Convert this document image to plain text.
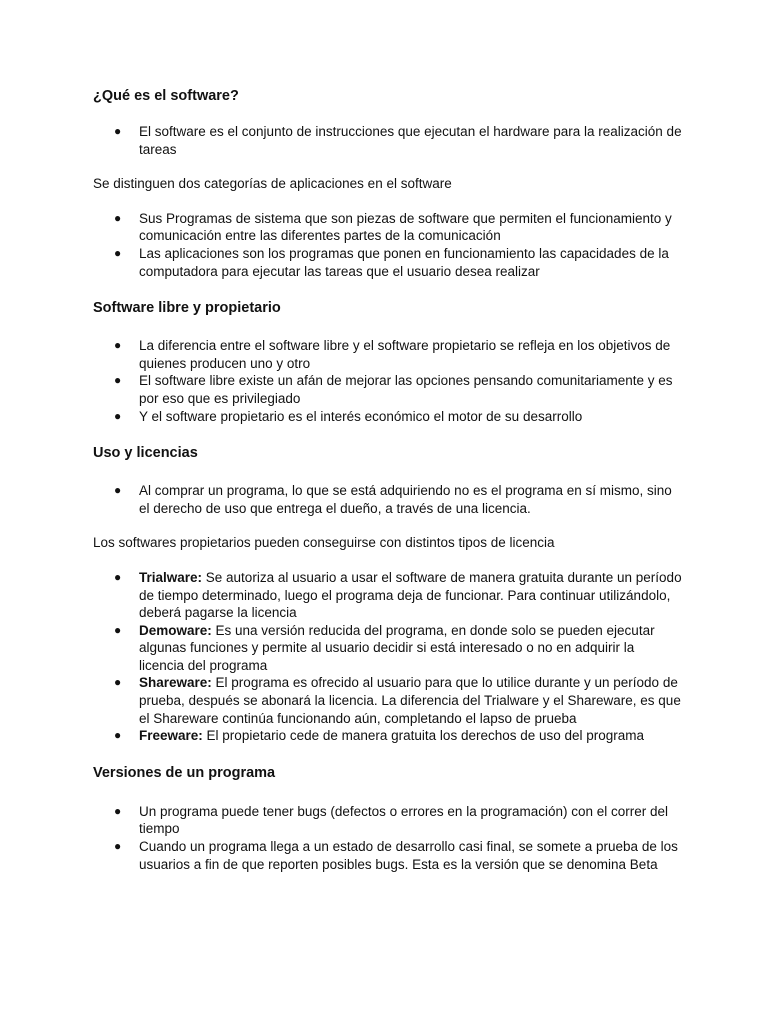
¿Qué es el software?
● El software es el conjunto de instrucciones que ejecutan el hardware para la realización de tareas

Se distinguen dos categorías de aplicaciones en el software

● Sus Programas de sistema que son piezas de software que permiten el funcionamiento y comunicación entre las diferentes partes de la comunicación
● Las aplicaciones son los programas que ponen en funcionamiento las capacidades de la computadora para ejecutar las tareas que el usuario desea realizar
Software libre y propietario
● La diferencia entre el software libre y el software propietario se refleja en los objetivos de quienes producen uno y otro
● El software libre existe un afán de mejorar las opciones pensando comunitariamente y es por eso que es privilegiado
● Y el software propietario es el interés económico el motor de su desarrollo
Uso y licencias
● Al comprar un programa, lo que se está adquiriendo no es el programa en sí mismo, sino el derecho de uso que entrega el dueño, a través de una licencia.

Los softwares propietarios pueden conseguirse con distintos tipos de licencia

● Trialware: Se autoriza al usuario a usar el software de manera gratuita durante un período de tiempo determinado, luego el programa deja de funcionar. Para continuar utilizándolo, deberá pagarse la licencia
● Demoware: Es una versión reducida del programa, en donde solo se pueden ejecutar algunas funciones y permite al usuario decidir si está interesado o no en adquirir la licencia del programa
● Shareware: El programa es ofrecido al usuario para que lo utilice durante y un período de prueba, después se abonará la licencia. La diferencia del Trialware y el Shareware, es que el Shareware continúa funcionando aún, completando el lapso de prueba
● Freeware: El propietario cede de manera gratuita los derechos de uso del programa
Versiones de un programa
● Un programa puede tener bugs (defectos o errores en la programación) con el correr del tiempo
● Cuando un programa llega a un estado de desarrollo casi final, se somete a prueba de los usuarios a fin de que reporten posibles bugs. Esta es la versión que se denomina Beta
